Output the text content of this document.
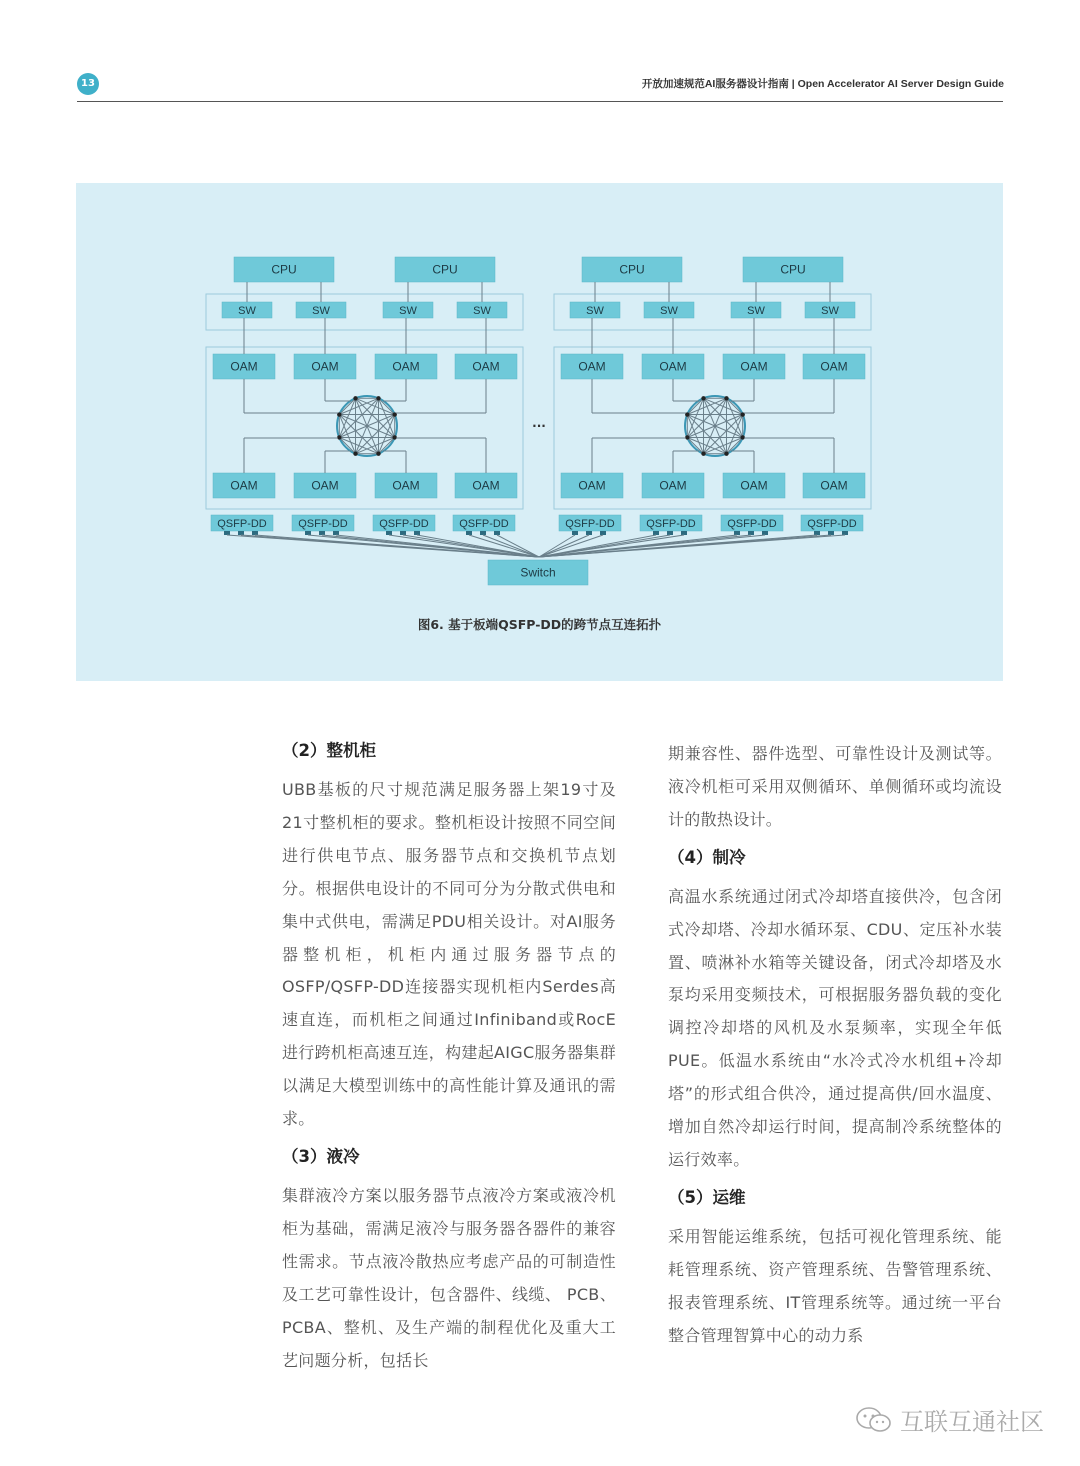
13	开放加速规范AI服务器设计指南 | Open Accelerator AI Server Design Guide
CPU	CPU
SW	SW	SW	SW
OAM
OAM
OAM
OAM
OAM
OAM
OAM
OAM
QSFP-DD	QSFP-DD	QSFP-DD	QSFP-DD
CPU	CPU
SW	SW	SW	SW
OAM
OAM
OAM
OAM
OAM
OAM
OAM
OAM
QSFP-DD	QSFP-DD	QSFP-DD	QSFP-DD
...
Switch
图6. 基于板端QSFP-DD的跨节点互连拓扑

（2）整机柜

UBB基板的尺寸规范满足服务器上架19寸及21寸整机柜的要求。整机柜设计按照不同空间进行供电节点、服务器节点和交换机节点划分。根据供电设计的不同可分为分散式供电和集中式供电，需满足PDU相关设计。对AI服务器整机柜，机柜内通过服务器节点的OSFP/QSFP-DD连接器实现机柜内Serdes高速直连，而机柜之间通过Infiniband或RocE进行跨机柜高速互连，构建起AIGC服务器集群以满足大模型训练中的高性能计算及通讯的需求。

（3）液冷

集群液冷方案以服务器节点液冷方案或液冷机柜为基础，需满足液冷与服务器各器件的兼容性需求。节点液冷散热应考虑产品的可制造性及工艺可靠性设计，包含器件、线缆、 PCB、 PCBA、整机、及生产端的制程优化及重大工艺问题分析，包括长

期兼容性、器件选型、可靠性设计及测试等。液冷机柜可采用双侧循环、单侧循环或均流设计的散热设计。

（4）制冷

高温水系统通过闭式冷却塔直接供冷，包含闭式冷却塔、冷却水循环泵、CDU、定压补水装置、喷淋补水箱等关键设备，闭式冷却塔及水泵均采用变频技术，可根据服务器负载的变化调控冷却塔的风机及水泵频率，实现全年低PUE。低温水系统由“水冷式冷水机组+冷却塔”的形式组合供冷，通过提高供/回水温度、增加自然冷却运行时间，提高制冷系统整体的运行效率。

（5）运维

采用智能运维系统，包括可视化管理系统、能耗管理系统、资产管理系统、告警管理系统、报表管理系统、IT管理系统等。通过统一平台整合管理智算中心的动力系

互联互通社区
